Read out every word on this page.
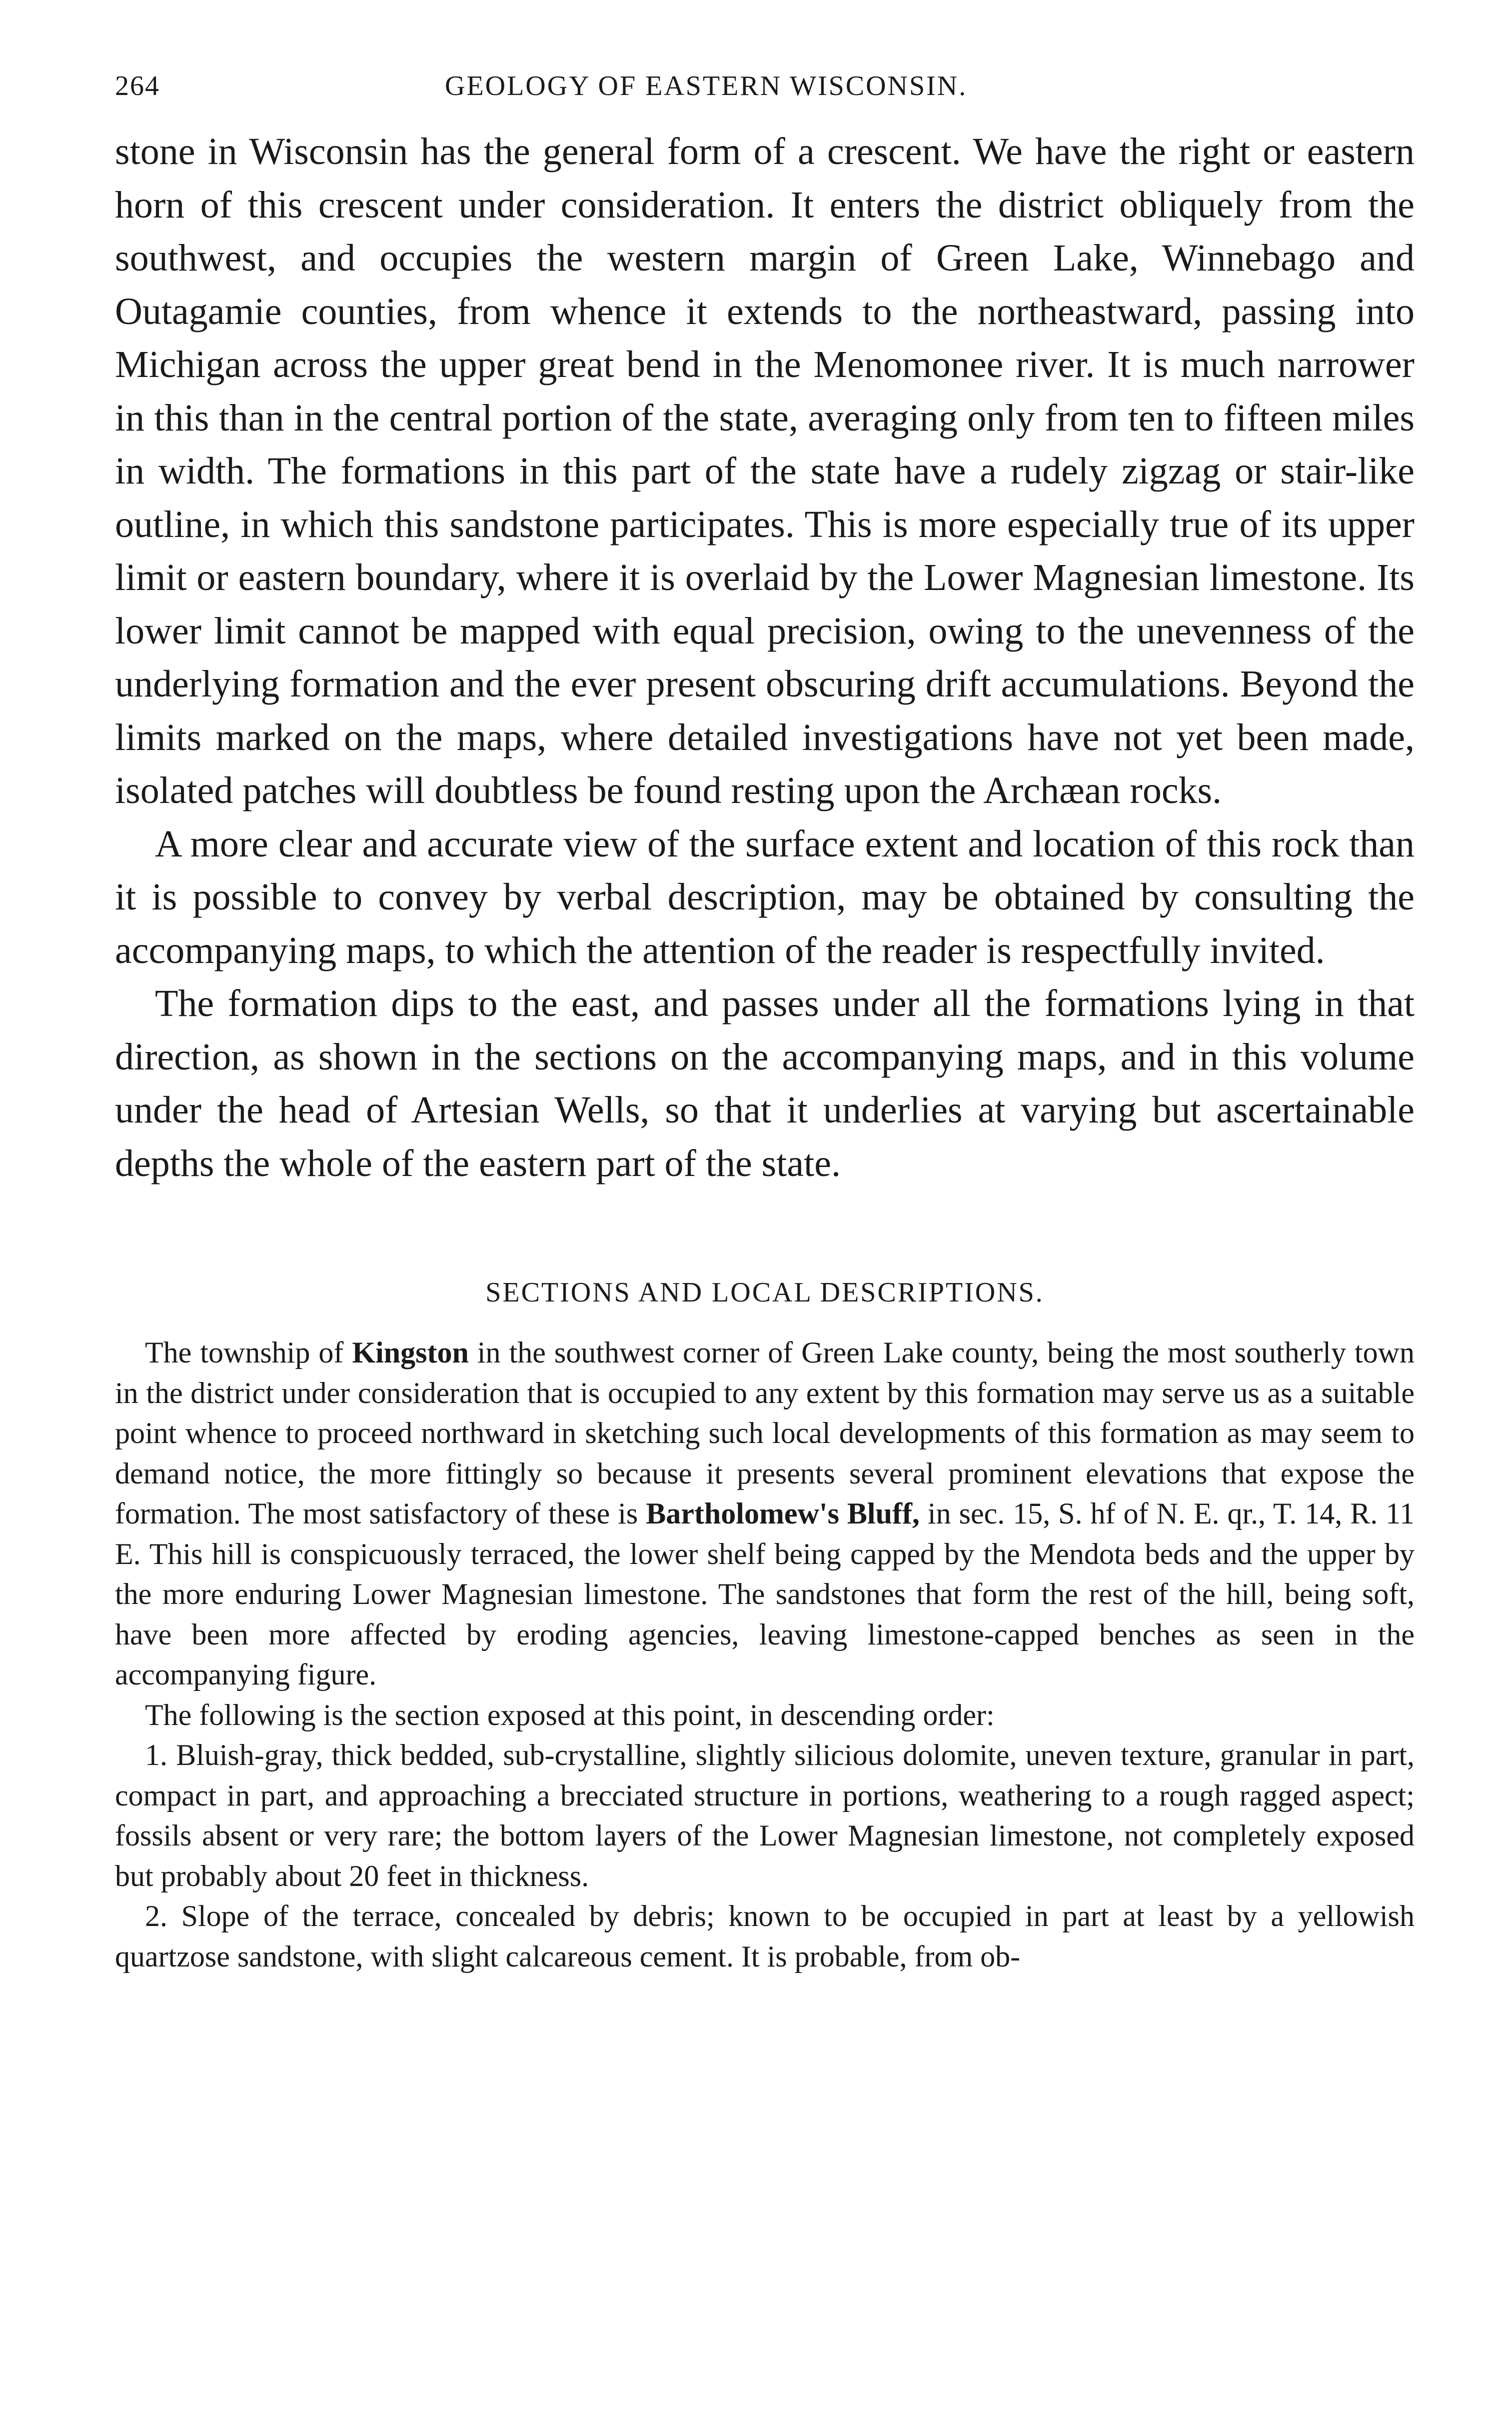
264	GEOLOGY OF EASTERN WISCONSIN.

stone in Wisconsin has the general form of a crescent. We have the right or eastern horn of this crescent under consideration. It enters the district obliquely from the southwest, and occupies the western margin of Green Lake, Winnebago and Outagamie counties, from whence it extends to the northeastward, passing into Michigan across the upper great bend in the Menomonee river. It is much narrower in this than in the central portion of the state, averaging only from ten to fifteen miles in width. The formations in this part of the state have a rudely zigzag or stair-like outline, in which this sandstone participates. This is more especially true of its upper limit or eastern boundary, where it is overlaid by the Lower Magnesian limestone. Its lower limit cannot be mapped with equal precision, owing to the unevenness of the underlying formation and the ever present obscuring drift accumulations. Beyond the limits marked on the maps, where detailed investigations have not yet been made, isolated patches will doubtless be found resting upon the Archæan rocks.

A more clear and accurate view of the surface extent and location of this rock than it is possible to convey by verbal description, may be obtained by consulting the accompanying maps, to which the attention of the reader is respectfully invited.

The formation dips to the east, and passes under all the formations lying in that direction, as shown in the sections on the accompanying maps, and in this volume under the head of Artesian Wells, so that it underlies at varying but ascertainable depths the whole of the eastern part of the state.

SECTIONS AND LOCAL DESCRIPTIONS.

The township of Kingston in the southwest corner of Green Lake county, being the most southerly town in the district under consideration that is occupied to any extent by this formation may serve us as a suitable point whence to proceed northward in sketching such local developments of this formation as may seem to demand notice, the more fittingly so because it presents several prominent elevations that expose the formation. The most satisfactory of these is Bartholomew's Bluff, in sec. 15, S. hf of N. E. qr., T. 14, R. 11 E. This hill is conspicuously terraced, the lower shelf being capped by the Mendota beds and the upper by the more enduring Lower Magnesian limestone. The sandstones that form the rest of the hill, being soft, have been more affected by eroding agencies, leaving limestone-capped benches as seen in the accompanying figure.

The following is the section exposed at this point, in descending order:

1. Bluish-gray, thick bedded, sub-crystalline, slightly silicious dolomite, uneven texture, granular in part, compact in part, and approaching a brecciated structure in portions, weathering to a rough ragged aspect; fossils absent or very rare; the bottom layers of the Lower Magnesian limestone, not completely exposed but probably about 20 feet in thickness.

2. Slope of the terrace, concealed by debris; known to be occupied in part at least by a yellowish quartzose sandstone, with slight calcareous cement. It is probable, from ob-
